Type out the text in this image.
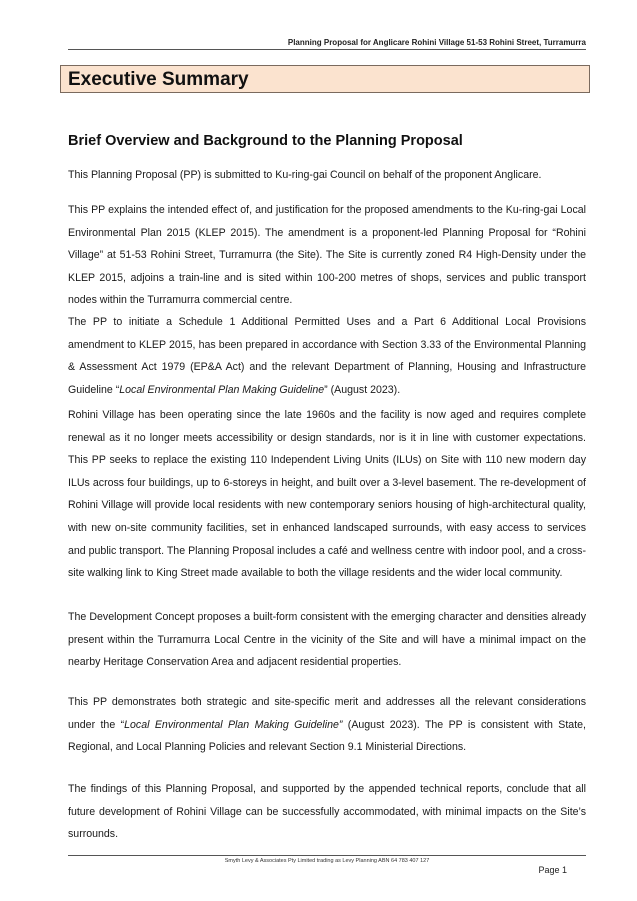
Planning Proposal for Anglicare Rohini Village 51-53 Rohini Street, Turramurra
Executive Summary
Brief Overview and Background to the Planning Proposal

This Planning Proposal (PP) is submitted to Ku-ring-gai Council on behalf of the proponent Anglicare.

This PP explains the intended effect of, and justification for the proposed amendments to the Ku-ring-gai Local Environmental Plan 2015 (KLEP 2015). The amendment is a proponent-led Planning Proposal for “Rohini Village” at 51-53 Rohini Street, Turramurra (the Site). The Site is currently zoned R4 High-Density under the KLEP 2015, adjoins a train-line and is sited within 100-200 metres of shops, services and public transport nodes within the Turramurra commercial centre.

The PP to initiate a Schedule 1 Additional Permitted Uses and a Part 6 Additional Local Provisions amendment to KLEP 2015, has been prepared in accordance with Section 3.33 of the Environmental Planning & Assessment Act 1979 (EP&A Act) and the relevant Department of Planning, Housing and Infrastructure Guideline “Local Environmental Plan Making Guideline” (August 2023).

Rohini Village has been operating since the late 1960s and the facility is now aged and requires complete renewal as it no longer meets accessibility or design standards, nor is it in line with customer expectations. This PP seeks to replace the existing 110 Independent Living Units (ILUs) on Site with 110 new modern day ILUs across four buildings, up to 6-storeys in height, and built over a 3-level basement. The re-development of Rohini Village will provide local residents with new contemporary seniors housing of high-architectural quality, with new on-site community facilities, set in enhanced landscaped surrounds, with easy access to services and public transport. The Planning Proposal includes a café and wellness centre with indoor pool, and a cross-site walking link to King Street made available to both the village residents and the wider local community.

The Development Concept proposes a built-form consistent with the emerging character and densities already present within the Turramurra Local Centre in the vicinity of the Site and will have a minimal impact on the nearby Heritage Conservation Area and adjacent residential properties.

This PP demonstrates both strategic and site-specific merit and addresses all the relevant considerations under the “Local Environmental Plan Making Guideline” (August 2023). The PP is consistent with State, Regional, and Local Planning Policies and relevant Section 9.1 Ministerial Directions.

The findings of this Planning Proposal, and supported by the appended technical reports, conclude that all future development of Rohini Village can be successfully accommodated, with minimal impacts on the Site’s surrounds.

Smyth Levy & Associates Pty Limited trading as Levy Planning ABN 64 783 407 127
Page 1
